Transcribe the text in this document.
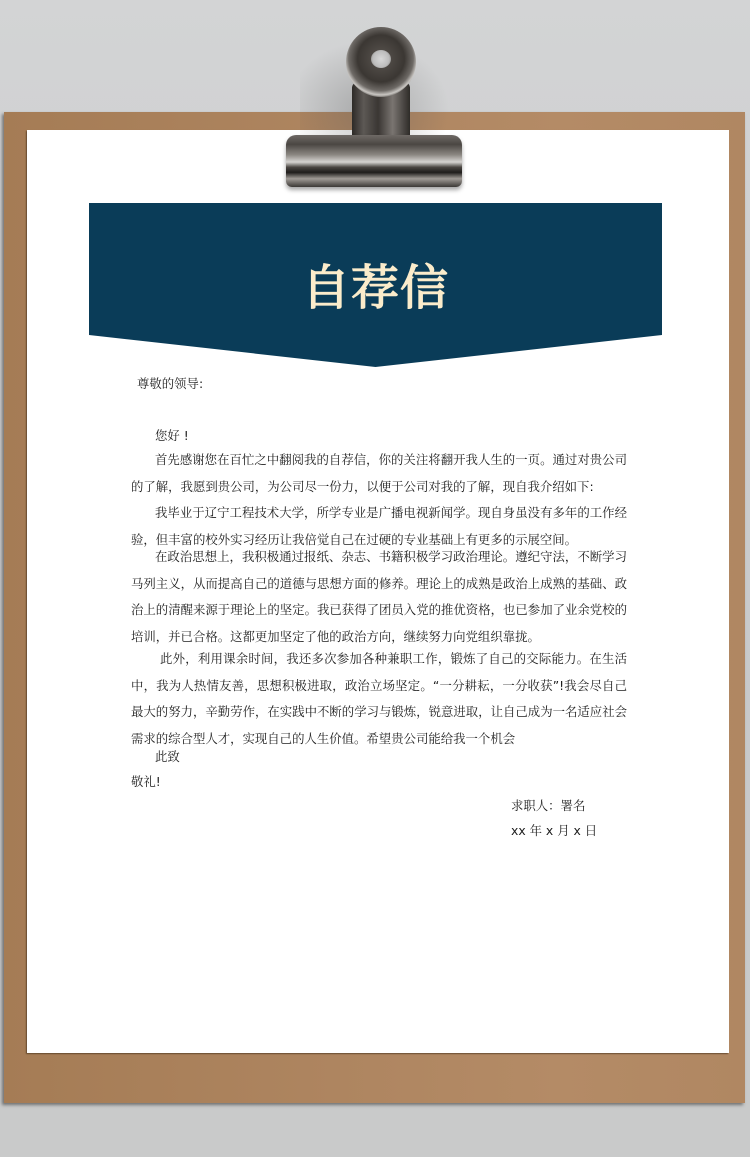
自荐信
尊敬的领导:
您好 !
首先感谢您在百忙之中翻阅我的自荐信，你的关注将翻开我人生的一页。通过对贵公司的了解，我愿到贵公司，为公司尽一份力，以便于公司对我的了解，现自我介绍如下:
我毕业于辽宁工程技术大学，所学专业是广播电视新闻学。现自身虽没有多年的工作经验，但丰富的校外实习经历让我倍觉自己在过硬的专业基础上有更多的示展空间。
在政治思想上，我积极通过报纸、杂志、书籍积极学习政治理论。遵纪守法，不断学习马列主义，从而提高自己的道德与思想方面的修养。理论上的成熟是政治上成熟的基础、政治上的清醒来源于理论上的坚定。我已获得了团员入党的推优资格，也已参加了业余党校的培训，并已合格。这都更加坚定了他的政治方向，继续努力向党组织靠拢。
此外，利用课余时间，我还多次参加各种兼职工作，锻炼了自己的交际能力。在生活中，我为人热情友善，思想积极进取，政治立场坚定。“一分耕耘，一分收获”!我会尽自己最大的努力，辛勤劳作，在实践中不断的学习与锻炼，锐意进取，让自己成为一名适应社会需求的综合型人才，实现自己的人生价值。希望贵公司能给我一个机会
此致
敬礼!
求职人：署名
xx 年 x 月 x 日
